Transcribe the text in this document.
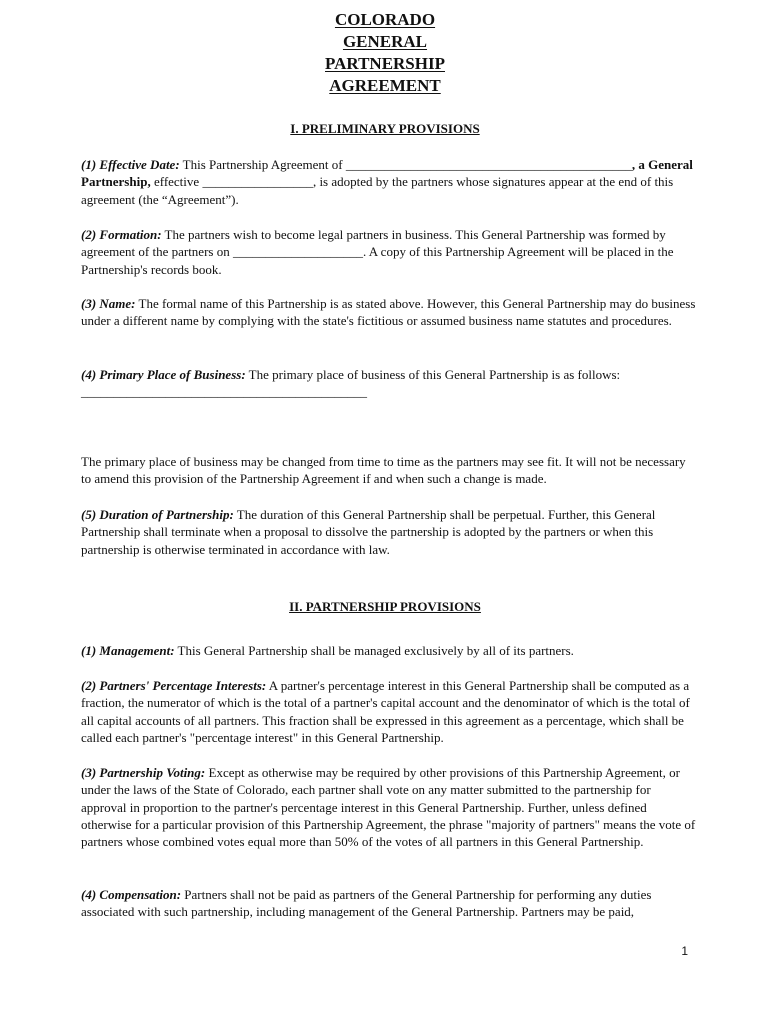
COLORADO
GENERAL
PARTNERSHIP
AGREEMENT
I. PRELIMINARY PROVISIONS

(1) Effective Date: This Partnership Agreement of ____________________________________________, a General Partnership, effective _________________, is adopted by the partners whose signatures appear at the end of this agreement (the “Agreement”).

(2) Formation: The partners wish to become legal partners in business. This General Partnership was formed by agreement of the partners on ____________________. A copy of this Partnership Agreement will be placed in the Partnership's records book.

(3) Name: The formal name of this Partnership is as stated above. However, this General Partnership may do business under a different name by complying with the state's fictitious or assumed business name statutes and procedures.

(4) Primary Place of Business: The primary place of business of this General Partnership is as follows:
____________________________________________

The primary place of business may be changed from time to time as the partners may see fit. It will not be necessary to amend this provision of the Partnership Agreement if and when such a change is made.

(5) Duration of Partnership: The duration of this General Partnership shall be perpetual. Further, this General Partnership shall terminate when a proposal to dissolve the partnership is adopted by the partners or when this partnership is otherwise terminated in accordance with law.

II. PARTNERSHIP PROVISIONS

(1) Management: This General Partnership shall be managed exclusively by all of its partners.

(2) Partners' Percentage Interests: A partner's percentage interest in this General Partnership shall be computed as a fraction, the numerator of which is the total of a partner's capital account and the denominator of which is the total of all capital accounts of all partners. This fraction shall be expressed in this agreement as a percentage, which shall be called each partner's "percentage interest" in this General Partnership.

(3) Partnership Voting: Except as otherwise may be required by other provisions of this Partnership Agreement, or under the laws of the State of Colorado, each partner shall vote on any matter submitted to the partnership for approval in proportion to the partner's percentage interest in this General Partnership. Further, unless defined otherwise for a particular provision of this Partnership Agreement, the phrase "majority of partners" means the vote of partners whose combined votes equal more than 50% of the votes of all partners in this General Partnership.

(4) Compensation: Partners shall not be paid as partners of the General Partnership for performing any duties associated with such partnership, including management of the General Partnership. Partners may be paid,

1
